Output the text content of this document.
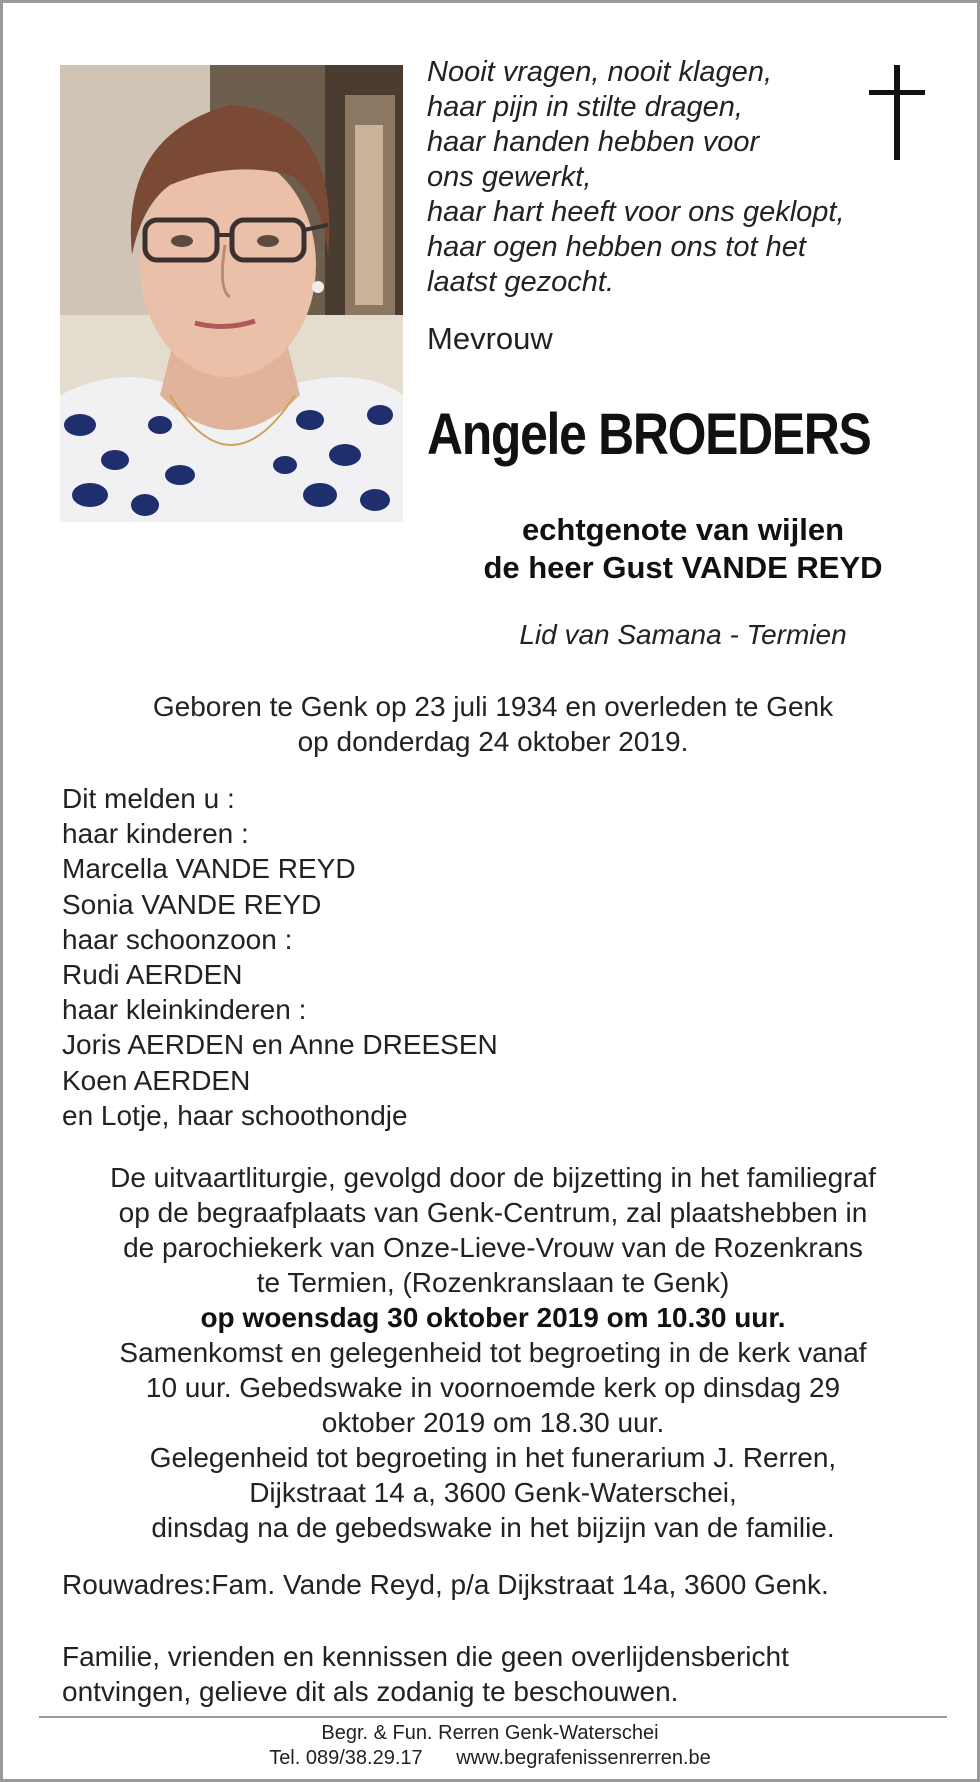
Nooit vragen, nooit klagen,
haar pijn in stilte dragen,
haar handen hebben voor
ons gewerkt,
haar hart heeft voor ons geklopt,
haar ogen hebben ons tot het
laatst gezocht.
Mevrouw
Angele BROEDERS
echtgenote van wijlen
de heer Gust VANDE REYD
Lid van Samana - Termien
Geboren te Genk op 23 juli 1934 en overleden te Genk
op donderdag 24 oktober 2019.
Dit melden u :
haar kinderen :
Marcella VANDE REYD
Sonia VANDE REYD
haar schoonzoon :
Rudi AERDEN
haar kleinkinderen :
Joris AERDEN en Anne DREESEN
Koen AERDEN
en Lotje, haar schoothondje
De uitvaartliturgie, gevolgd door de bijzetting in het familiegraf
op de begraafplaats van Genk-Centrum, zal plaatshebben in
de parochiekerk van Onze-Lieve-Vrouw van de Rozenkrans
te Termien, (Rozenkranslaan te Genk)
op woensdag 30 oktober 2019 om 10.30 uur.
Samenkomst en gelegenheid tot begroeting in de kerk vanaf
10 uur. Gebedswake in voornoemde kerk op dinsdag 29
oktober 2019 om 18.30 uur.
Gelegenheid tot begroeting in het funerarium J. Rerren,
Dijkstraat 14 a, 3600 Genk-Waterschei,
dinsdag na de gebedswake in het bijzijn van de familie.
Rouwadres:Fam. Vande Reyd, p/a Dijkstraat 14a, 3600 Genk.
Familie, vrienden en kennissen die geen overlijdensbericht
ontvingen, gelieve dit als zodanig te beschouwen.
Begr. & Fun. Rerren Genk-Waterschei
Tel. 089/38.29.17 www.begrafenissenrerren.be
